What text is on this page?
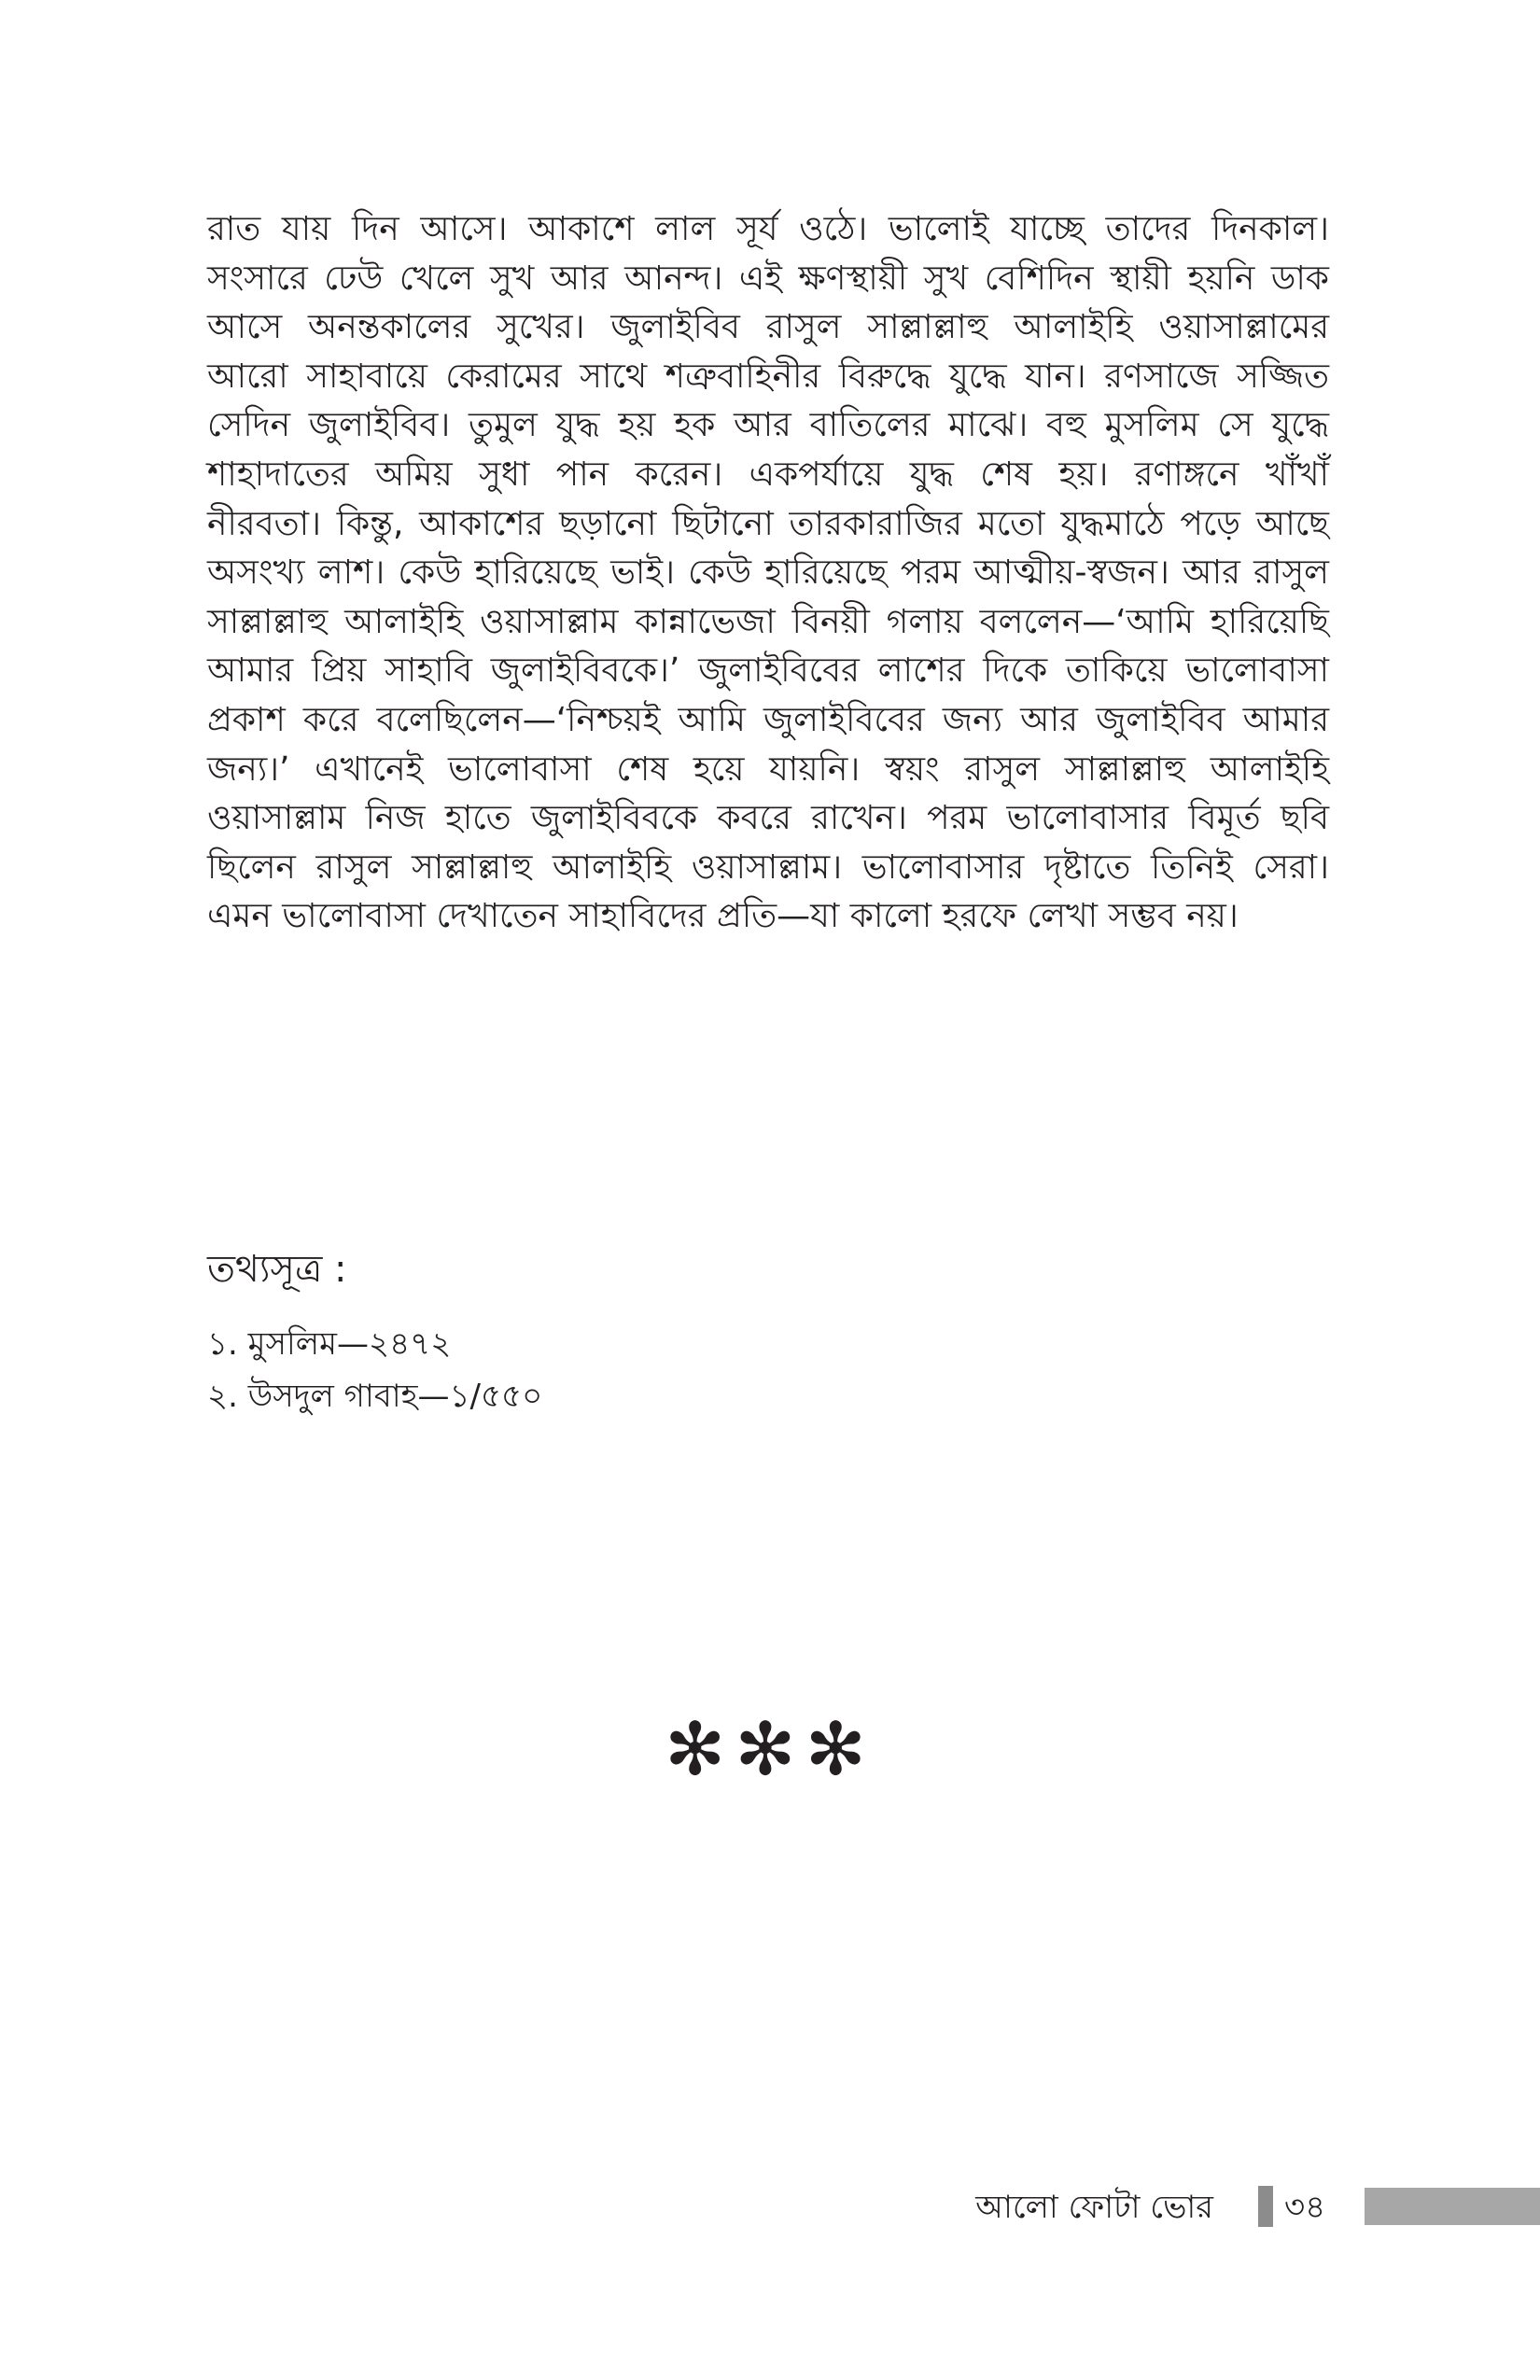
রাত যায় দিন আসে। আকাশে লাল সূর্য ওঠে। ভালোই যাচ্ছে তাদের দিনকাল।
সংসারে ঢেউ খেলে সুখ আর আনন্দ। এই ক্ষণস্থায়ী সুখ বেশিদিন স্থায়ী হয়নি ডাক
আসে অনন্তকালের সুখের। জুলাইবিব রাসুল সাল্লাল্লাহু আলাইহি ওয়াসাল্লামের
আরো সাহাবায়ে কেরামের সাথে শত্রুবাহিনীর বিরুদ্ধে যুদ্ধে যান। রণসাজে সজ্জিত
সেদিন জুলাইবিব। তুমুল যুদ্ধ হয় হক আর বাতিলের মাঝে। বহু মুসলিম সে যুদ্ধে
শাহাদাতের অমিয় সুধা পান করেন। একপর্যায়ে যুদ্ধ শেষ হয়। রণাঙ্গনে খাঁখাঁ
নীরবতা। কিন্তু, আকাশের ছড়ানো ছিটানো তারকারাজির মতো যুদ্ধমাঠে পড়ে আছে
অসংখ্য লাশ। কেউ হারিয়েছে ভাই। কেউ হারিয়েছে পরম আত্মীয়-স্বজন। আর রাসুল
সাল্লাল্লাহু আলাইহি ওয়াসাল্লাম কান্নাভেজা বিনয়ী গলায় বললেন—‘আমি হারিয়েছি
আমার প্রিয় সাহাবি জুলাইবিবকে।’ জুলাইবিবের লাশের দিকে তাকিয়ে ভালোবাসা
প্রকাশ করে বলেছিলেন—‘নিশ্চয়ই আমি জুলাইবিবের জন্য আর জুলাইবিব আমার
জন্য।’ এখানেই ভালোবাসা শেষ হয়ে যায়নি। স্বয়ং রাসুল সাল্লাল্লাহু আলাইহি
ওয়াসাল্লাম নিজ হাতে জুলাইবিবকে কবরে রাখেন। পরম ভালোবাসার বিমূর্ত ছবি
ছিলেন রাসুল সাল্লাল্লাহু আলাইহি ওয়াসাল্লাম। ভালোবাসার দৃষ্টাতে তিনিই সেরা।
এমন ভালোবাসা দেখাতেন সাহাবিদের প্রতি—যা কালো হরফে লেখা সম্ভব নয়।
তথ্যসূত্র :
১. মুসলিম—২৪৭২
২. উসদুল গাবাহ—১/৫৫০
✻✻✻
আলো ফোটা ভোর ৩৪
